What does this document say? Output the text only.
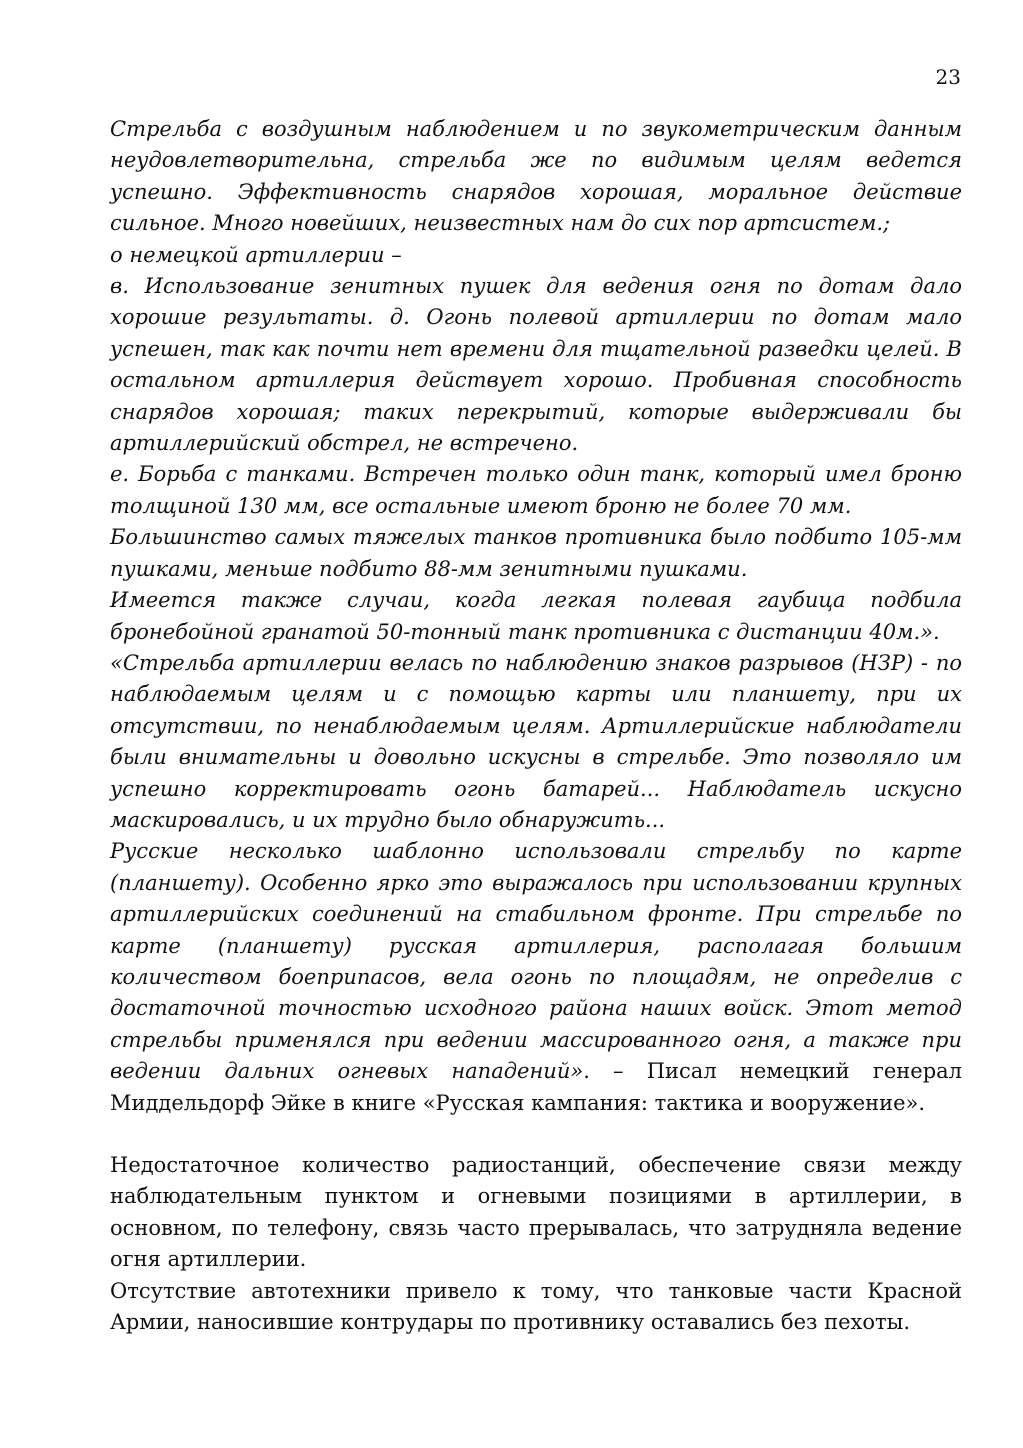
23

Стрельба с воздушным наблюдением и по звукометрическим данным неудовлетворительна, стрельба же по видимым целям ведется успешно. Эффективность снарядов хорошая, моральное действие сильное. Много новейших, неизвестных нам до сих пор артсистем.;

о немецкой артиллерии –

в. Использование зенитных пушек для ведения огня по дотам дало хорошие результаты. д. Огонь полевой артиллерии по дотам мало успешен, так как почти нет времени для тщательной разведки целей. В остальном артиллерия действует хорошо. Пробивная способность снарядов хорошая; таких перекрытий, которые выдерживали бы артиллерийский обстрел, не встречено.

е. Борьба с танками. Встречен только один танк, который имел броню толщиной 130 мм, все остальные имеют броню не более 70 мм.

Большинство самых тяжелых танков противника было подбито 105-мм пушками, меньше подбито 88-мм зенитными пушками.

Имеется также случаи, когда легкая полевая гаубица подбила бронебойной гранатой 50-тонный танк противника с дистанции 40м.».

«Стрельба артиллерии велась по наблюдению знаков разрывов (НЗР) - по наблюдаемым целям и с помощью карты или планшету, при их отсутствии, по ненаблюдаемым целям. Артиллерийские наблюдатели были внимательны и довольно искусны в стрельбе. Это позволяло им успешно корректировать огонь батарей... Наблюдатель искусно маскировались, и их трудно было обнаружить...

Русские несколько шаблонно использовали стрельбу по карте (планшету). Особенно ярко это выражалось при использовании крупных артиллерийских соединений на стабильном фронте. При стрельбе по карте (планшету) русская артиллерия, располагая большим количеством боеприпасов, вела огонь по площадям, не определив с достаточной точностью исходного района наших войск. Этот метод стрельбы применялся при ведении массированного огня, а также при ведении дальних огневых нападений». – Писал немецкий генерал Миддельдорф Эйке в книге «Русская кампания: тактика и вооружение».

Недостаточное количество радиостанций, обеспечение связи между наблюдательным пунктом и огневыми позициями в артиллерии, в основном, по телефону, связь часто прерывалась, что затрудняла ведение огня артиллерии.

Отсутствие автотехники привело к тому, что танковые части Красной Армии, наносившие контрудары по противнику оставались без пехоты.
